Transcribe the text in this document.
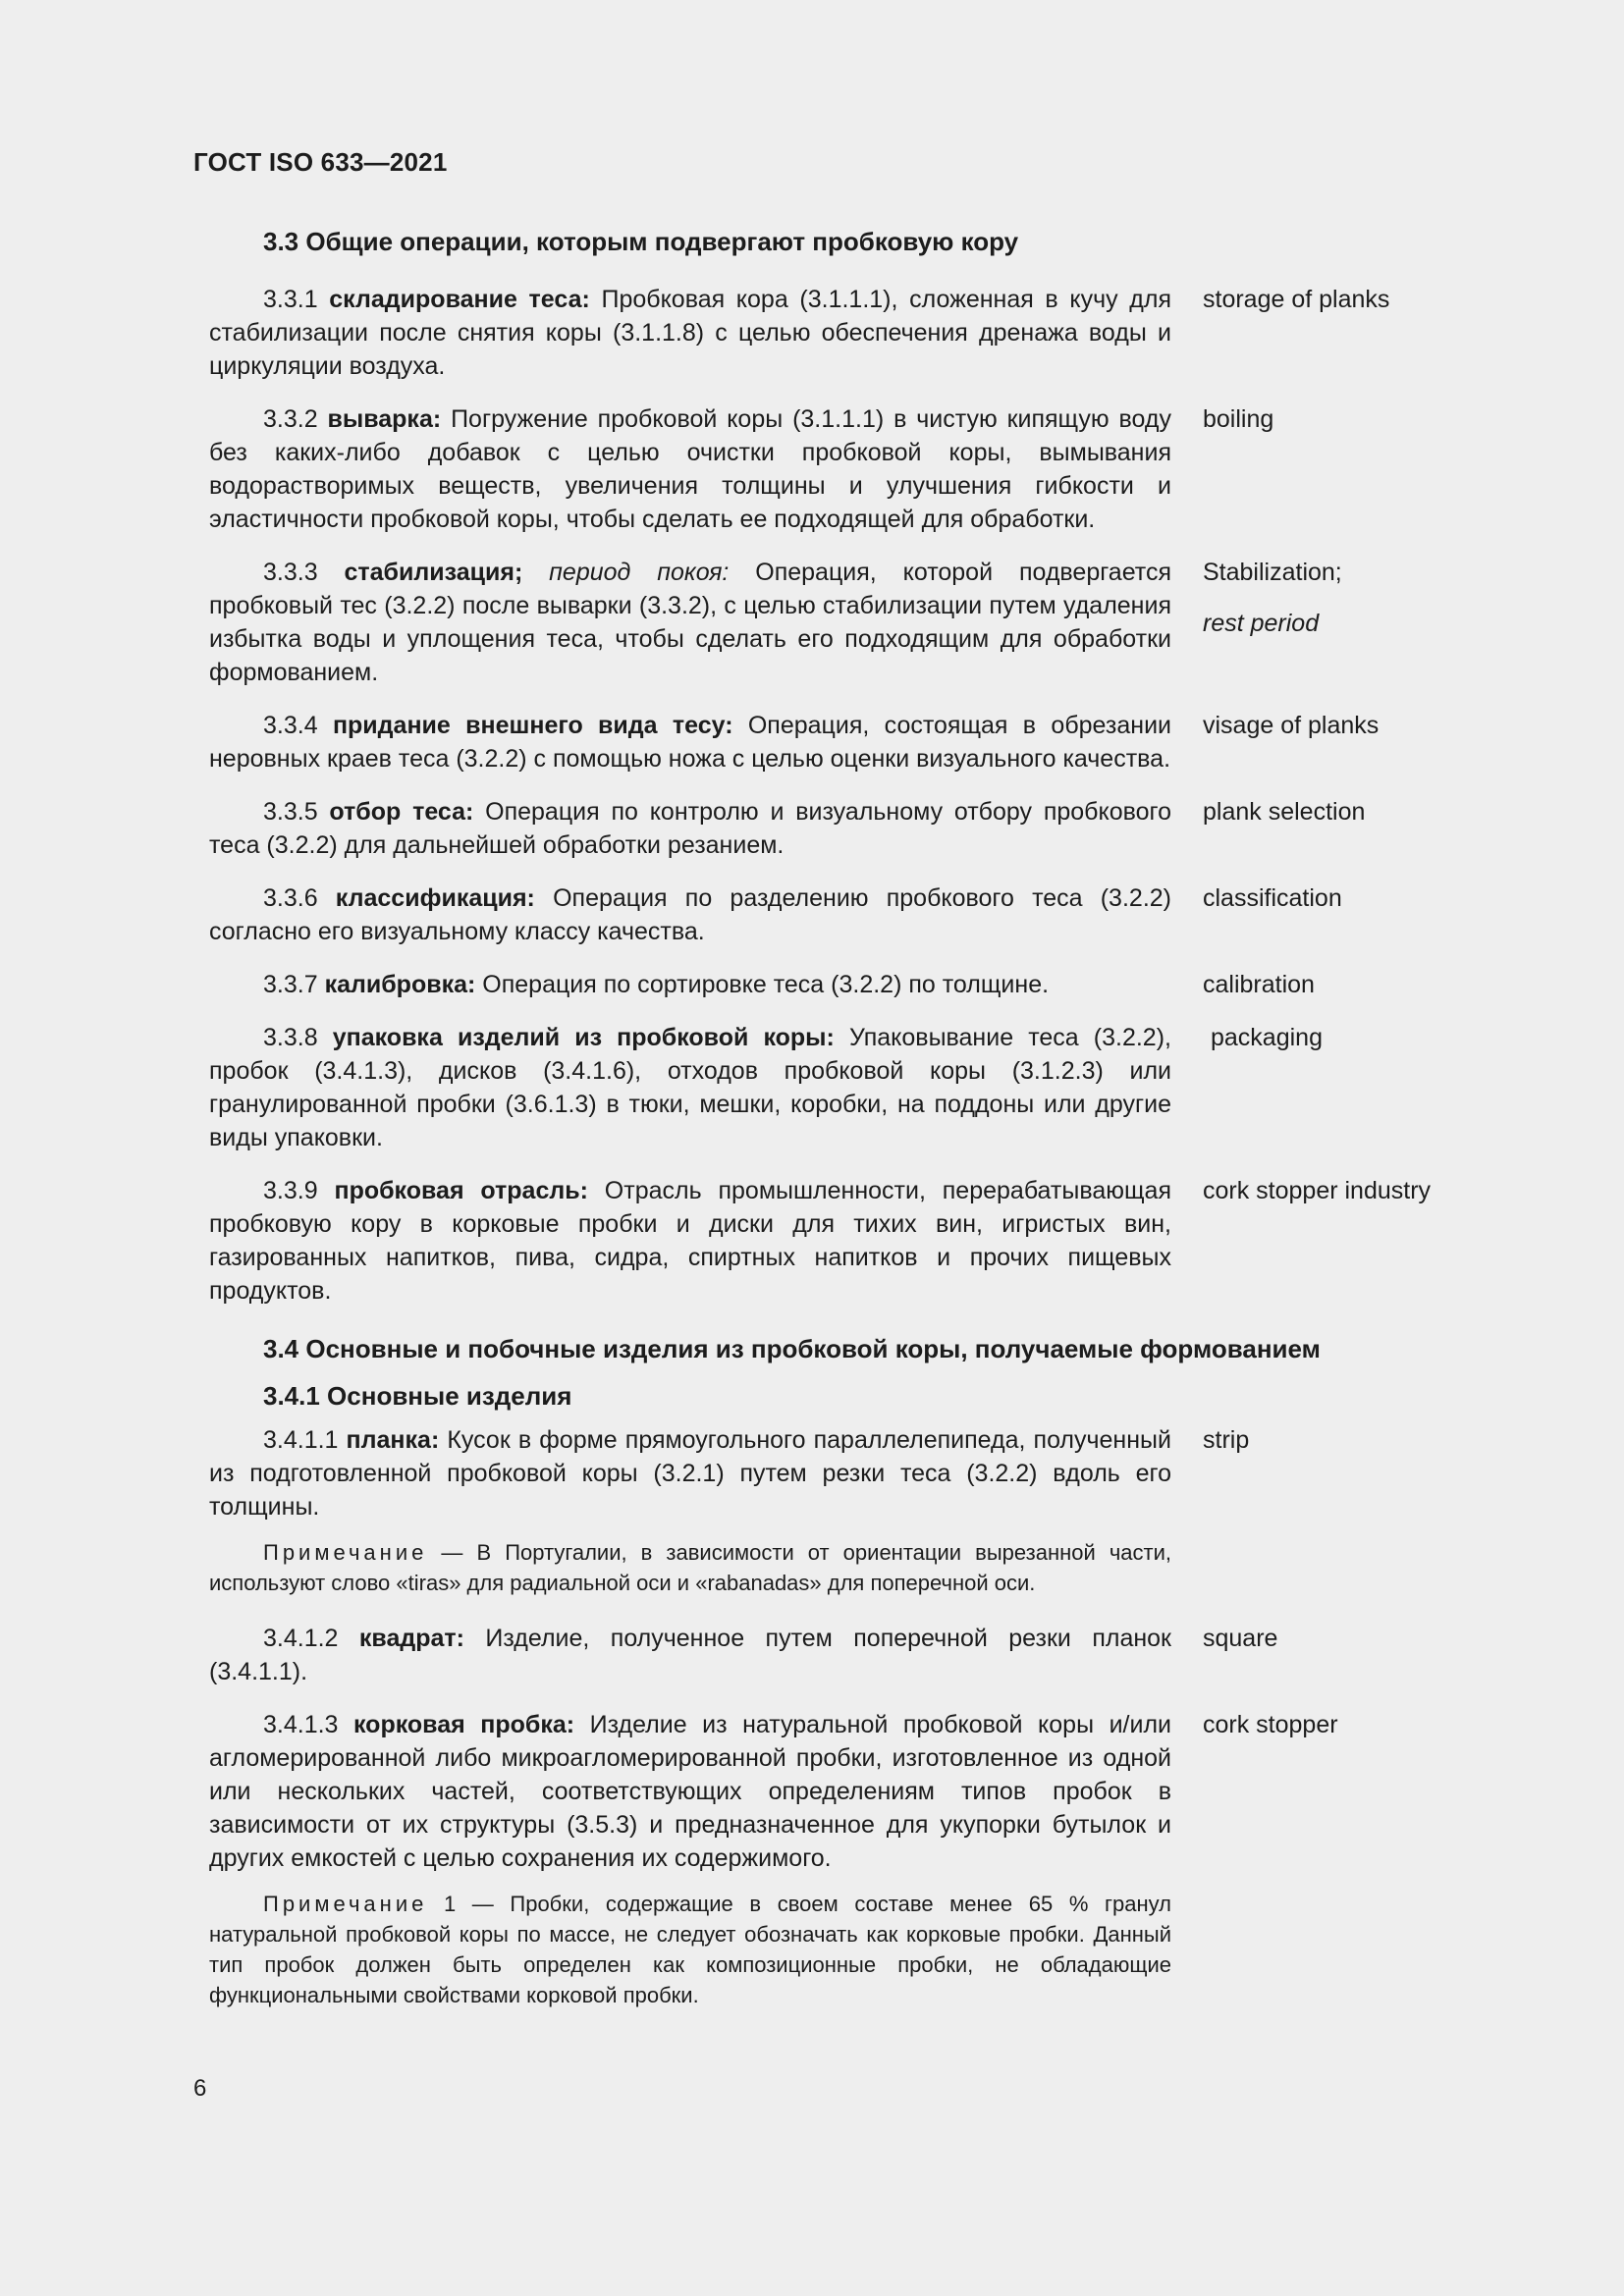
ГОСТ ISO 633—2021
3.3 Общие операции, которым подвергают пробковую кору
3.3.1 складирование теса: Пробковая кора (3.1.1.1), сложенная в кучу для стабилизации после снятия коры (3.1.1.8) с целью обеспечения дренажа воды и циркуляции воздуха.
storage of planks
3.3.2 выварка: Погружение пробковой коры (3.1.1.1) в чистую кипящую воду без каких-либо добавок с целью очистки пробковой коры, вымывания водорастворимых веществ, увеличения толщины и улучшения гибкости и эластичности пробковой коры, чтобы сделать ее подходящей для обработки.
boiling
3.3.3 стабилизация; период покоя: Операция, которой подвергается пробковый тес (3.2.2) после выварки (3.3.2), с целью стабилизации путем удаления избытка воды и уплощения теса, чтобы сделать его подходящим для обработки формованием.
Stabilization;
rest period
3.3.4 придание внешнего вида тесу: Операция, состоящая в обрезании неровных краев теса (3.2.2) с помощью ножа с целью оценки визуального качества.
visage of planks
3.3.5 отбор теса: Операция по контролю и визуальному отбору пробкового теса (3.2.2) для дальнейшей обработки резанием.
plank selection
3.3.6 классификация: Операция по разделению пробкового теса (3.2.2) согласно его визуальному классу качества.
classification
3.3.7 калибровка: Операция по сортировке теса (3.2.2) по толщине.	calibration
3.3.8 упаковка изделий из пробковой коры: Упаковывание теса (3.2.2), пробок (3.4.1.3), дисков (3.4.1.6), отходов пробковой коры (3.1.2.3) или гранулированной пробки (3.6.1.3) в тюки, мешки, коробки, на поддоны или другие виды упаковки.
packaging
3.3.9 пробковая отрасль: Отрасль промышленности, перерабатывающая пробковую кору в корковые пробки и диски для тихих вин, игристых вин, газированных напитков, пива, сидра, спиртных напитков и прочих пищевых продуктов.
cork stopper industry
3.4 Основные и побочные изделия из пробковой коры, получаемые формованием
3.4.1 Основные изделия
3.4.1.1 планка: Кусок в форме прямоугольного параллелепипеда, полученный из подготовленной пробковой коры (3.2.1) путем резки теса (3.2.2) вдоль его толщины.
strip
Примечание — В Португалии, в зависимости от ориентации вырезанной части, используют слово «tiras» для радиальной оси и «rabanadas» для поперечной оси.
3.4.1.2 квадрат: Изделие, полученное путем поперечной резки планок (3.4.1.1).
square
3.4.1.3 корковая пробка: Изделие из натуральной пробковой коры и/или агломерированной либо микроагломерированной пробки, изготовленное из одной или нескольких частей, соответствующих определениям типов пробок в зависимости от их структуры (3.5.3) и предназначенное для укупорки бутылок и других емкостей с целью сохранения их содержимого.
cork stopper
Примечание 1 — Пробки, содержащие в своем составе менее 65 % гранул натуральной пробковой коры по массе, не следует обозначать как корковые пробки. Данный тип пробок должен быть определен как композиционные пробки, не обладающие функциональными свойствами корковой пробки.
6
